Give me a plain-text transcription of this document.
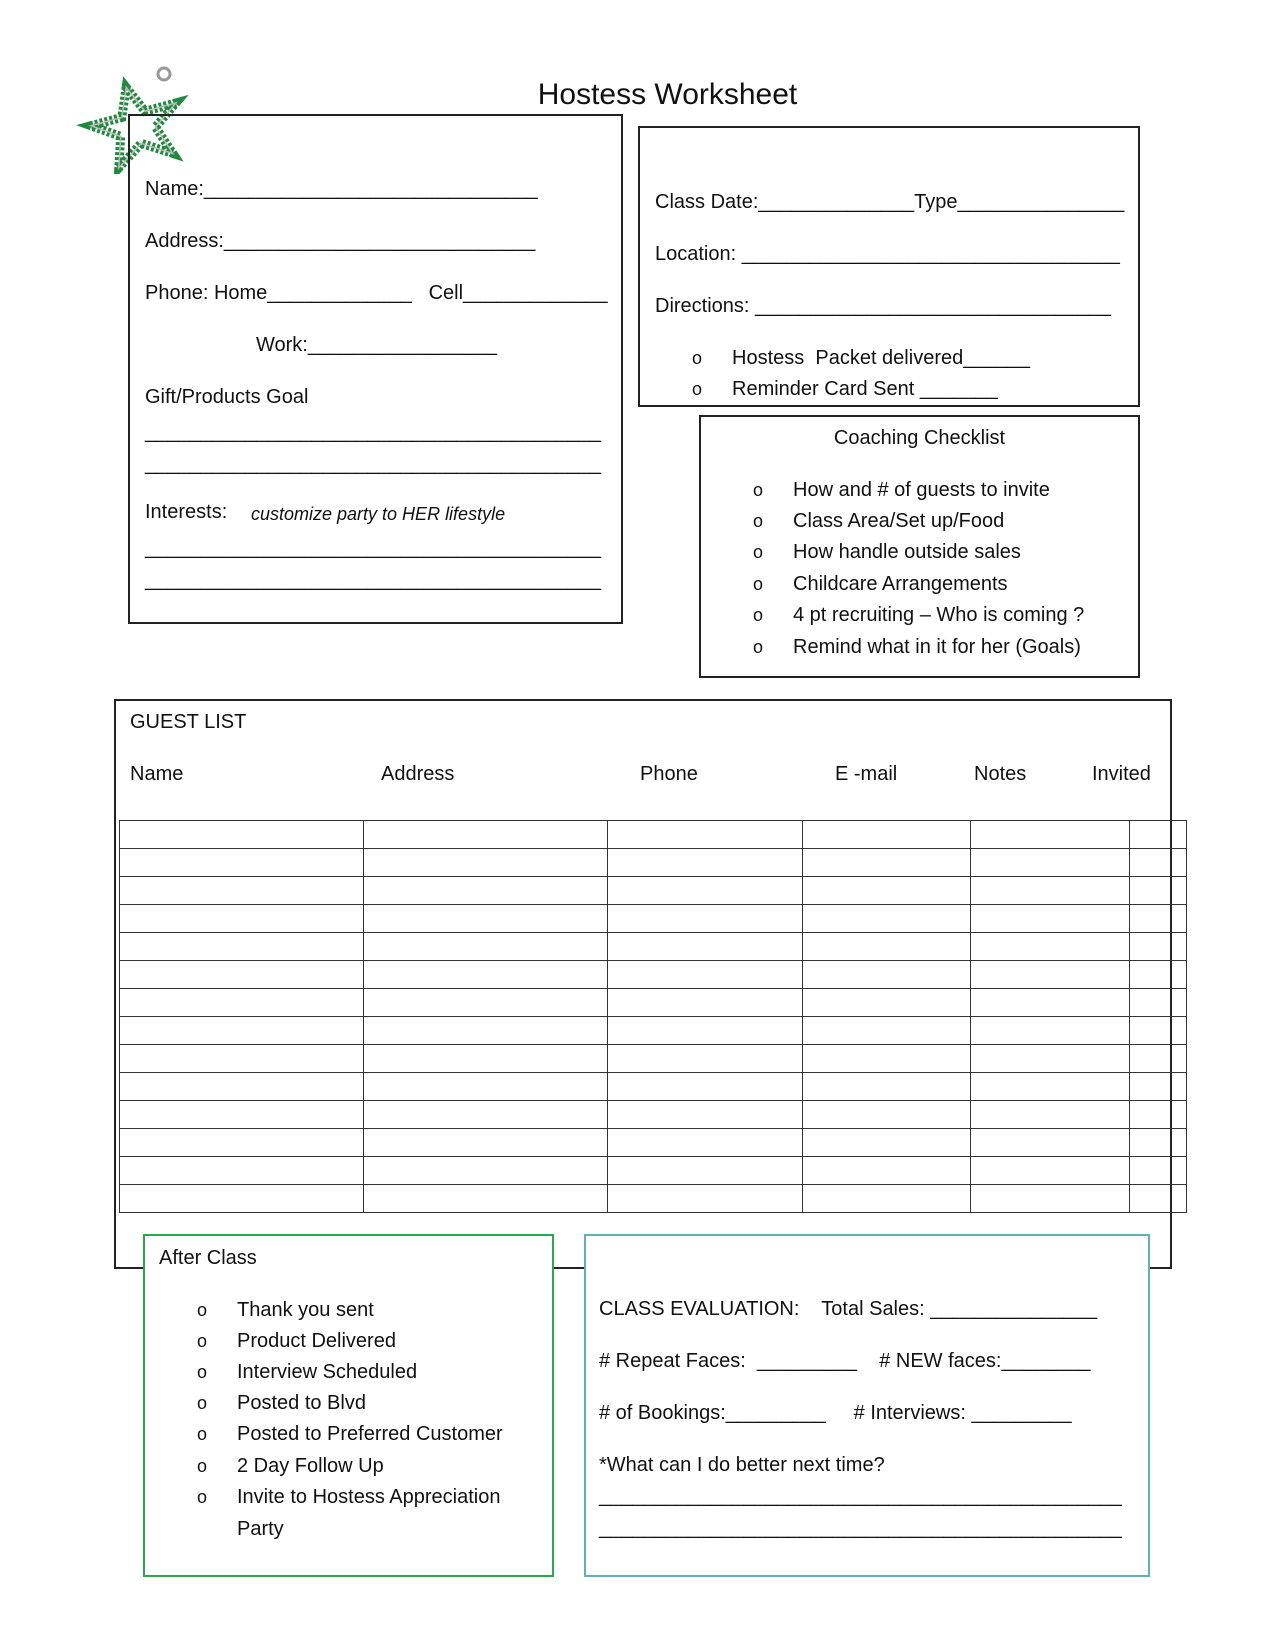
Hostess Worksheet
Name:______________________________
Address:____________________________
Phone: Home_____________   Cell_____________
Work:_________________
Gift/Products Goal
_________________________________________
_________________________________________
Interests: customize party to HER lifestyle
_________________________________________
_________________________________________
Class Date:______________Type_______________
Location: __________________________________
Directions: ________________________________
o Hostess  Packet delivered______
o Reminder Card Sent _______
Coaching Checklist
o How and # of guests to invite
o Class Area/Set up/Food
o How handle outside sales
o Childcare Arrangements
o 4 pt recruiting – Who is coming ?
o Remind what in it for her (Goals)
GUEST LIST
Name	Address	Phone	E -mail	Notes	Invited

After Class
o Thank you sent
o Product Delivered
o Interview Scheduled
o Posted to Blvd
o Posted to Preferred Customer
o 2 Day Follow Up
o Invite to Hostess Appreciation
Party
CLASS EVALUATION:    Total Sales: _______________
# Repeat Faces:  _________    # NEW faces:________
# of Bookings:_________     # Interviews: _________
*What can I do better next time?
_______________________________________________
_______________________________________________
